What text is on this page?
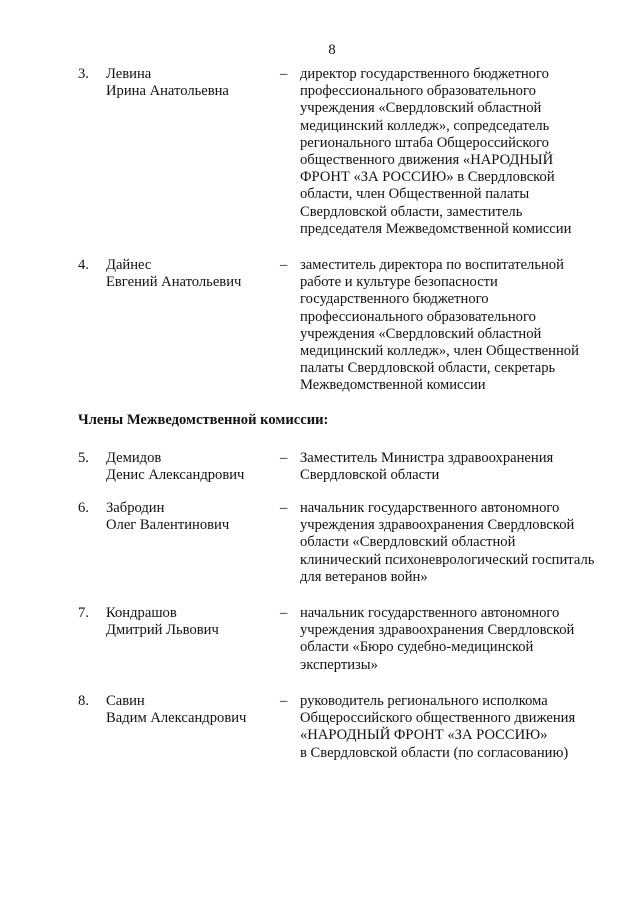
8
3.	Левина
Ирина Анатольевна
– директор государственного бюджетного
профессионального образовательного
учреждения «Свердловский областной
медицинский колледж», сопредседатель
регионального штаба Общероссийского
общественного движения «НАРОДНЫЙ
ФРОНТ «ЗА РОССИЮ» в Свердловской
области, член Общественной палаты
Свердловской области, заместитель
председателя Межведомственной комиссии
4.	Дайнес
Евгений Анатольевич
– заместитель директора по воспитательной
работе и культуре безопасности
государственного бюджетного
профессионального образовательного
учреждения «Свердловский областной
медицинский колледж», член Общественной
палаты Свердловской области, секретарь
Межведомственной комиссии
Члены Межведомственной комиссии:
5.	Демидов
Денис Александрович
– Заместитель Министра здравоохранения
Свердловской области
6.	Забродин
Олег Валентинович
– начальник государственного автономного
учреждения здравоохранения Свердловской
области «Свердловский областной
клинический психоневрологический госпиталь
для ветеранов войн»
7.	Кондрашов
Дмитрий Львович
– начальник государственного автономного
учреждения здравоохранения Свердловской
области «Бюро судебно-медицинской
экспертизы»
8.	Савин
Вадим Александрович
– руководитель регионального исполкома
Общероссийского общественного движения
«НАРОДНЫЙ ФРОНТ «ЗА РОССИЮ»
в Свердловской области (по согласованию)
